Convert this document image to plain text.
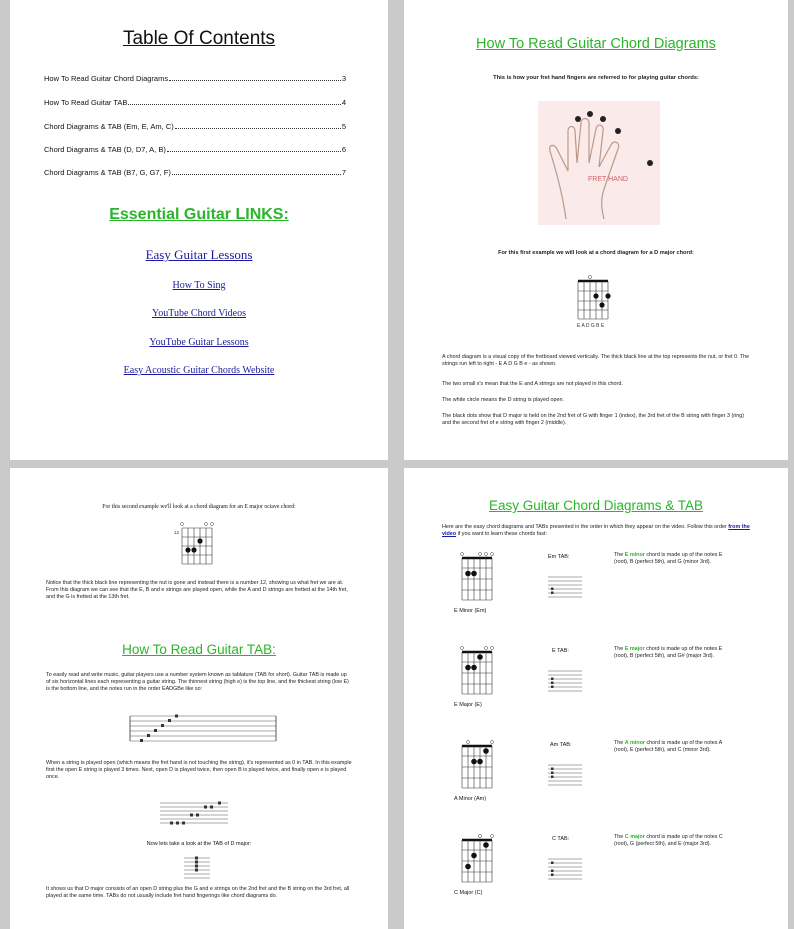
Table Of Contents
How To Read Guitar Chord Diagrams	3
How To Read Guitar TAB	4
Chord Diagrams & TAB (Em, E, Am, C)	5
Chord Diagrams & TAB (D, D7, A, B)	6
Chord Diagrams & TAB (B7, G, G7, F)	7
Essential Guitar LINKS:
Easy Guitar Lessons
How To Sing
YouTube Chord Videos
YouTube Guitar Lessons
Easy Acoustic Guitar Chords Website
How To Read Guitar Chord Diagrams
This is how your fret hand fingers are referred to for playing guitar chords:
FRET HAND
For this first example we will look at a chord diagram for a D major chord:
E A D G B E
A chord diagram is a visual copy of the fretboard viewed vertically. The thick black line at the top represents the nut, or fret 0. The strings run left to right - E A D G B e - as shown.
The two small x's mean that the E and A strings are not played in this chord.
The white circle means the D string is played open.
The black dots show that D major is held on the 2nd fret of G with finger 1 (index), the 3rd fret of the B string with finger 3 (ring) and the second fret of e string with finger 2 (middle).
For this second example we'll look at a chord diagram for an E major octave chord:
12
Notice that the thick black line representing the nut is gone and instead there is a number 12, showing us what fret we are at. From this diagram we can see that the E, B and e strings are played open, while the A and D strings are fretted at the 14th fret, and the G is fretted at the 13th fret.
How To Read Guitar TAB:
To easily read and write music, guitar players use a number system known as tablature (TAB for short). Guitar TAB is made up of six horizontal lines each representing a guitar string. The thinnest string (high e) is the top line, and the thickest string (low E) is the bottom line, and the notes run in the order EADGBe like so:
When a string is played open (which means the fret hand is not touching the string), it's represented as 0 in TAB. In this example first the open E string is played 3 times. Next, open D is played twice, then open B is played twice, and finally open e is played once.
Now lets take a look at the TAB of D major:
It shows us that D major consists of an open D string plus the G and e strings on the 2nd fret and the B string on the 3rd fret, all played at the same time. TABs do not usually include fret hand fingerings like chord diagrams do.
Easy Guitar Chord Diagrams & TAB
Here are the easy chord diagrams and TABs presented in the order in which they appear on the video. Follow this order from the video if you want to learn these chords fast:
E Minor (Em)
Em TAB:	The E minor chord is made up of the notes E (root), B (perfect 5th), and G (minor 3rd).
E Major (E)
E TAB:	The E major chord is made up of the notes E (root), B (perfect 5th), and G# (major 3rd).
A Minor (Am)
Am TAB:	The A minor chord is made up of the notes A (root), E (perfect 5th), and C (minor 3rd).
C Major (C)
C TAB:	The C major chord is made up of the notes C (root), G (perfect 5th), and E (major 3rd).
